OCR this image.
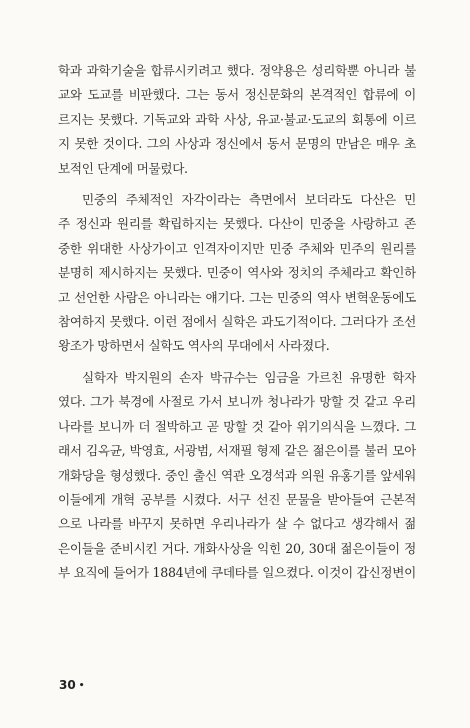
학과 과학기술을 합류시키려고 했다. 정약용은 성리학뿐 아니라 불

교와 도교를 비판했다. 그는 동서 정신문화의 본격적인 합류에 이

르지는 못했다. 기독교와 과학 사상, 유교·불교·도교의 회통에 이르

지 못한 것이다. 그의 사상과 정신에서 동서 문명의 만남은 매우 초

보적인 단계에 머물렀다.

민중의 주체적인 자각이라는 측면에서 보더라도 다산은 민

주 정신과 원리를 확립하지는 못했다. 다산이 민중을 사랑하고 존

중한 위대한 사상가이고 인격자이지만 민중 주체와 민주의 원리를

분명히 제시하지는 못했다. 민중이 역사와 정치의 주체라고 확인하

고 선언한 사람은 아니라는 얘기다. 그는 민중의 역사 변혁운동에도

참여하지 못했다. 이런 점에서 실학은 과도기적이다. 그러다가 조선

왕조가 망하면서 실학도 역사의 무대에서 사라졌다.

실학자 박지원의 손자 박규수는 임금을 가르친 유명한 학자

였다. 그가 북경에 사절로 가서 보니까 청나라가 망할 것 같고 우리

나라를 보니까 더 절박하고 곧 망할 것 같아 위기의식을 느꼈다. 그

래서 김옥균, 박영효, 서광범, 서재필 형제 같은 젊은이를 불러 모아

개화당을 형성했다. 중인 출신 역관 오경석과 의원 유홍기를 앞세워

이들에게 개혁 공부를 시켰다. 서구 선진 문물을 받아들여 근본적

으로 나라를 바꾸지 못하면 우리나라가 살 수 없다고 생각해서 젊

은이들을 준비시킨 거다. 개화사상을 익힌 20, 30대 젊은이들이 정

부 요직에 들어가 1884년에 쿠데타를 일으켰다. 이것이 갑신정변이

30 •
